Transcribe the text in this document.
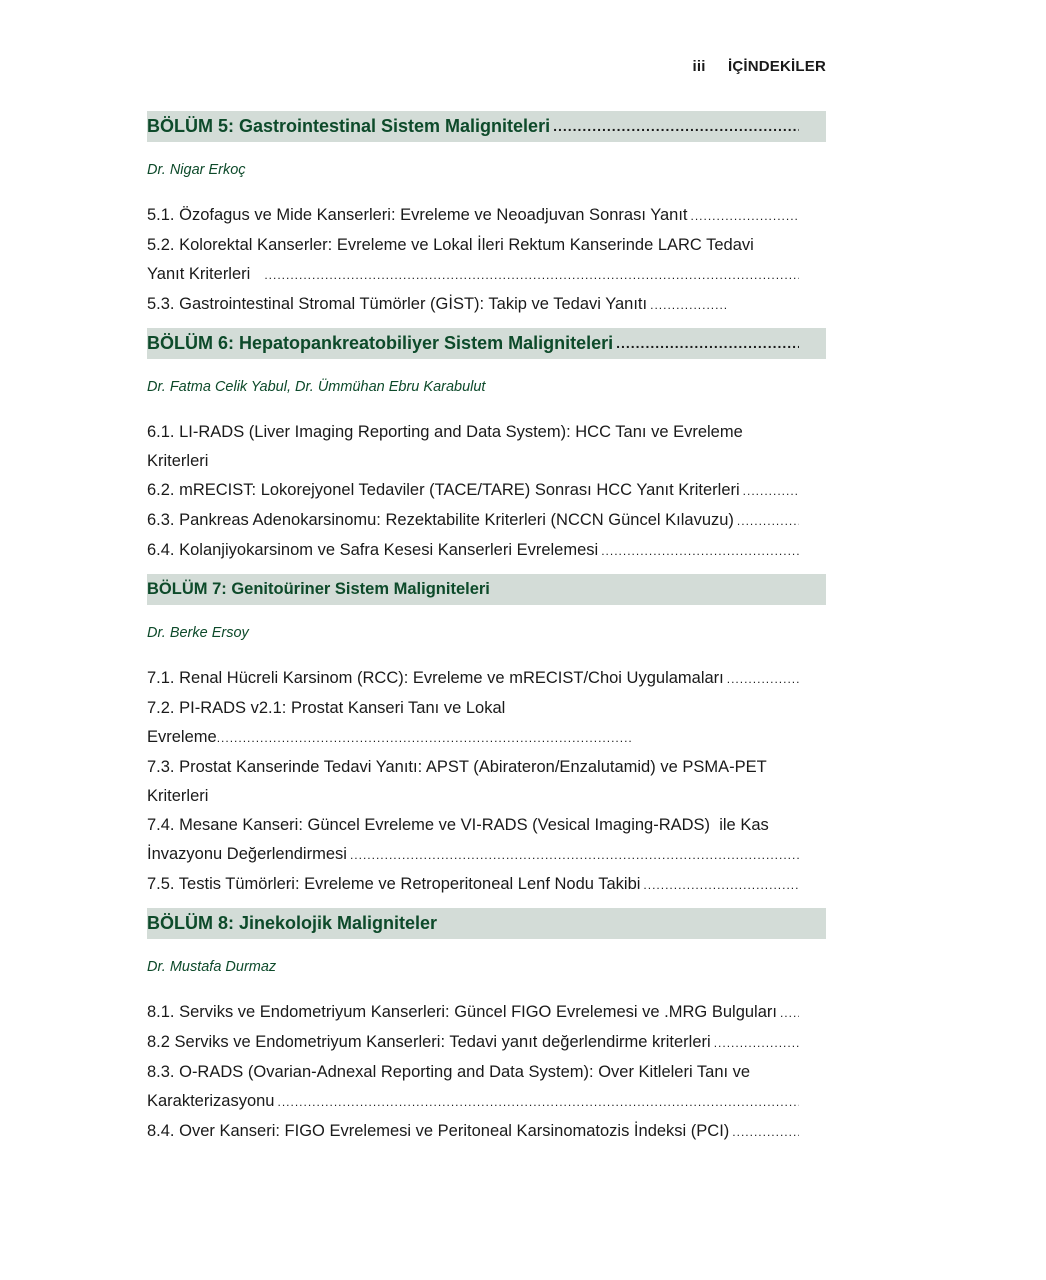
iii İÇİNDEKİLER
BÖLÜM 5: Gastrointestinal Sistem Maligniteleri
.....
Dr. Nigar Erkoç
5.1. Özofagus ve Mide Kanserleri: Evreleme ve Neoadjuvan Sonrası Yanıt
.....
5.2. Kolorektal Kanserler: Evreleme ve Lokal İleri Rektum Kanserinde LARC Tedavi
Yanıt Kriterleri
.....
5.3. Gastrointestinal Stromal Tümörler (GİST): Takip ve Tedavi Yanıtı
.....
BÖLÜM 6: Hepatopankreatobiliyer Sistem Maligniteleri
.....
Dr. Fatma Celik Yabul, Dr. Ümmühan Ebru Karabulut
6.1. LI-RADS (Liver Imaging Reporting and Data System): HCC Tanı ve Evreleme
Kriterleri
6.2. mRECIST: Lokorejyonel Tedaviler (TACE/TARE) Sonrası HCC Yanıt Kriterleri
.....
6.3. Pankreas Adenokarsinomu: Rezektabilite Kriterleri (NCCN Güncel Kılavuzu)
.....
6.4. Kolanjiyokarsinom ve Safra Kesesi Kanserleri Evrelemesi
.....
BÖLÜM 7: Genitoüriner Sistem Maligniteleri
Dr. Berke Ersoy
7.1. Renal Hücreli Karsinom (RCC): Evreleme ve mRECIST/Choi Uygulamaları
.....
7.2. PI-RADS v2.1: Prostat Kanseri Tanı ve Lokal
Evreleme
.....
7.3. Prostat Kanserinde Tedavi Yanıtı: APST (Abirateron/Enzalutamid) ve PSMA-PET
Kriterleri
7.4. Mesane Kanseri: Güncel Evreleme ve VI-RADS (Vesical Imaging-RADS)  ile Kas
İnvazyonu Değerlendirmesi
.....
7.5. Testis Tümörleri: Evreleme ve Retroperitoneal Lenf Nodu Takibi
.....
BÖLÜM 8: Jinekolojik Maligniteler
Dr. Mustafa Durmaz
8.1. Serviks ve Endometriyum Kanserleri: Güncel FIGO Evrelemesi ve .MRG Bulguları
.....
8.2 Serviks ve Endometriyum Kanserleri: Tedavi yanıt değerlendirme kriterleri
.....
8.3. O-RADS (Ovarian-Adnexal Reporting and Data System): Over Kitleleri Tanı ve
Karakterizasyonu
.....
8.4. Over Kanseri: FIGO Evrelemesi ve Peritoneal Karsinomatozis İndeksi (PCI)
.....
